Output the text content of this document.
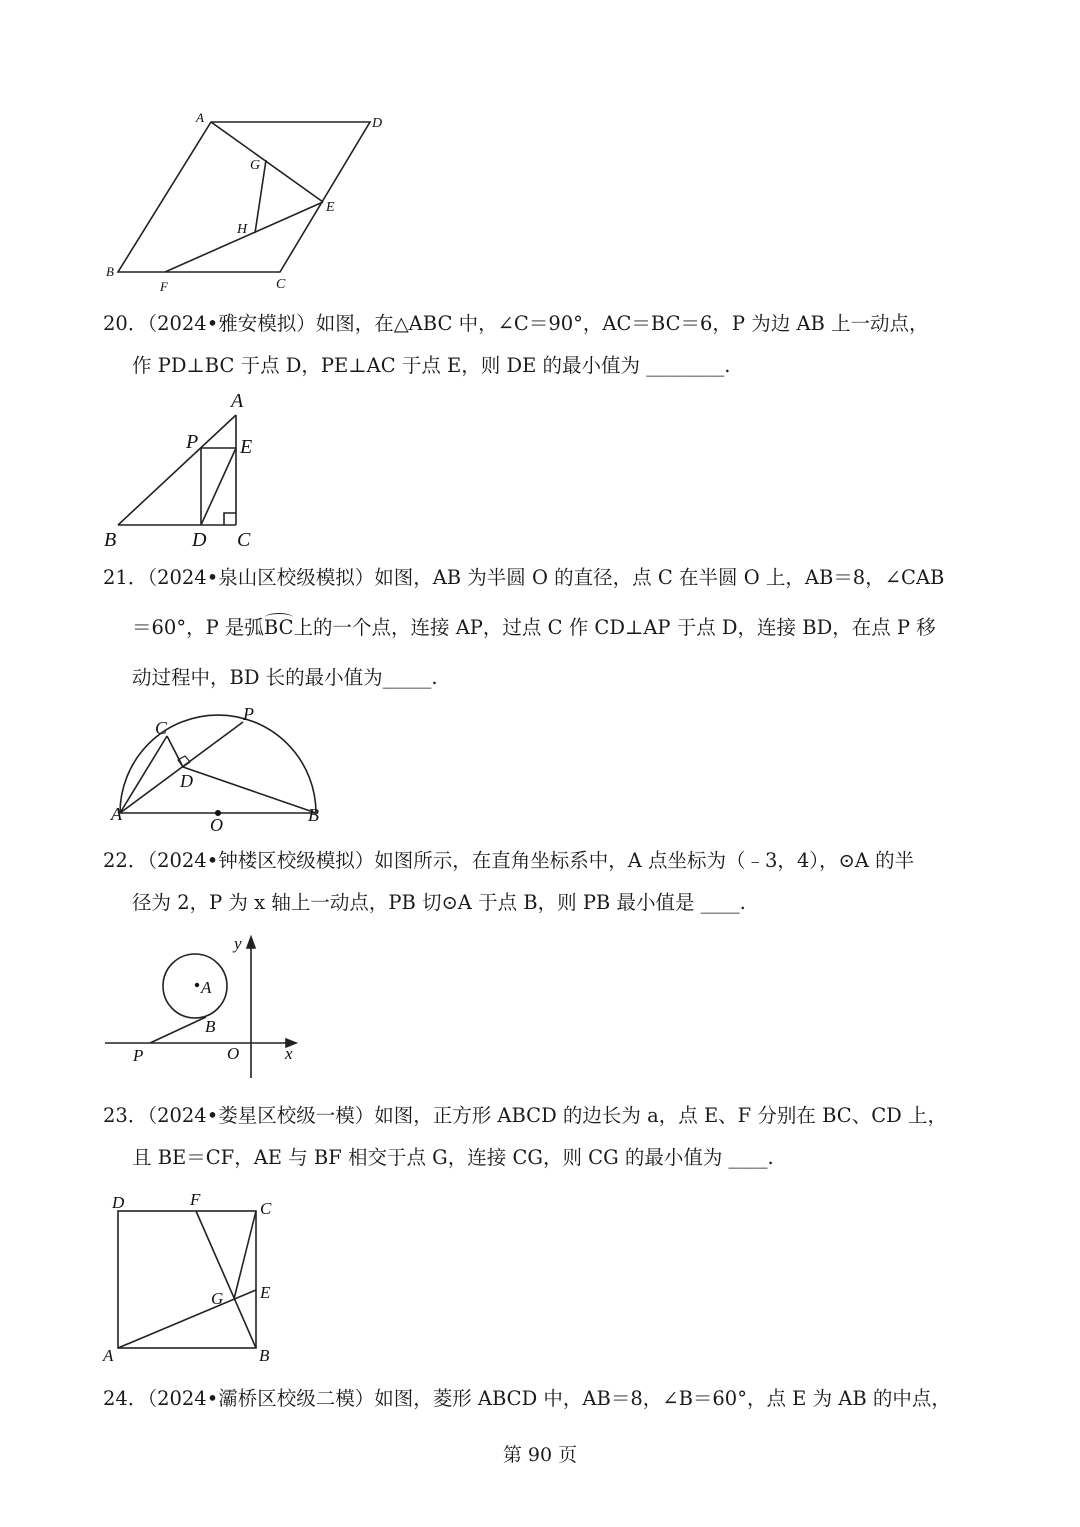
A	D
G
E
H
B
F	C
20．（2024•雅安模拟）如图，在△ABC 中，∠C＝90°，AC＝BC＝6，P 为边 AB 上一动点，
作 PD⊥BC 于点 D，PE⊥AC 于点 E，则 DE 的最小值为 ________.
A
P E
B	D C
21．（2024•泉山区校级模拟）如图，AB 为半圆 O 的直径，点 C 在半圆 O 上，AB＝8，∠CAB
＝60°，P 是弧BC上的一个点，连接 AP，过点 C 作 CD⊥AP 于点 D，连接 BD，在点 P 移
动过程中，BD 长的最小值为_____.
C
P
D
A
O	B
22．（2024•钟楼区校级模拟）如图所示，在直角坐标系中，A 点坐标为（﹣3，4），⊙A 的半
径为 2，P 为 x 轴上一动点，PB 切⊙A 于点 B，则 PB 最小值是 ____.
y
A
B
P	O	x
23．（2024•娄星区校级一模）如图，正方形 ABCD 的边长为 a，点 E、F 分别在 BC、CD 上，
且 BE＝CF，AE 与 BF 相交于点 G，连接 CG，则 CG 的最小值为 ____.
D	F	C
G E
A	B
24．（2024•灞桥区校级二模）如图，菱形 ABCD 中，AB＝8，∠B＝60°，点 E 为 AB 的中点，
第 90 页
